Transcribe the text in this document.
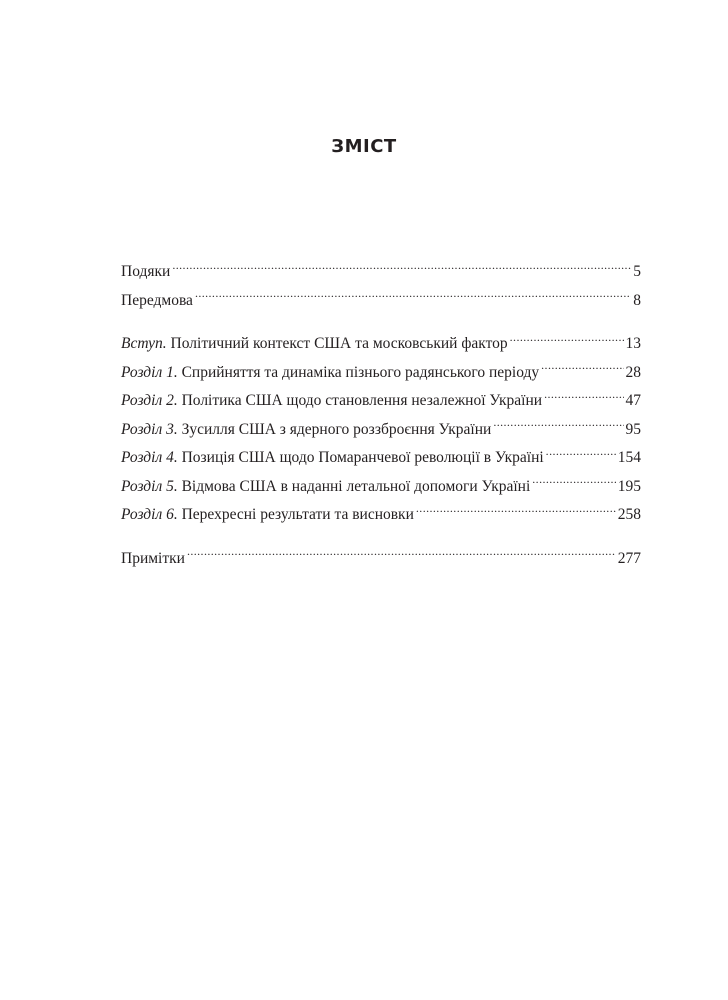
ЗМІСТ
Подяки .....	5
Передмова .....	8
Вступ. Політичний контекст США та московський фактор .....	13
Розділ 1. Сприйняття та динаміка пізнього радянського періоду .....	28
Розділ 2. Політика США щодо становлення незалежної України .....	47
Розділ 3. Зусилля США з ядерного роззброєння України .....	95
Розділ 4. Позиція США щодо Помаранчевої революції в Україні .....	154
Розділ 5. Відмова США в наданні летальної допомоги Україні .....	195
Розділ 6. Перехресні результати та висновки .....	258
Примітки .....	277
